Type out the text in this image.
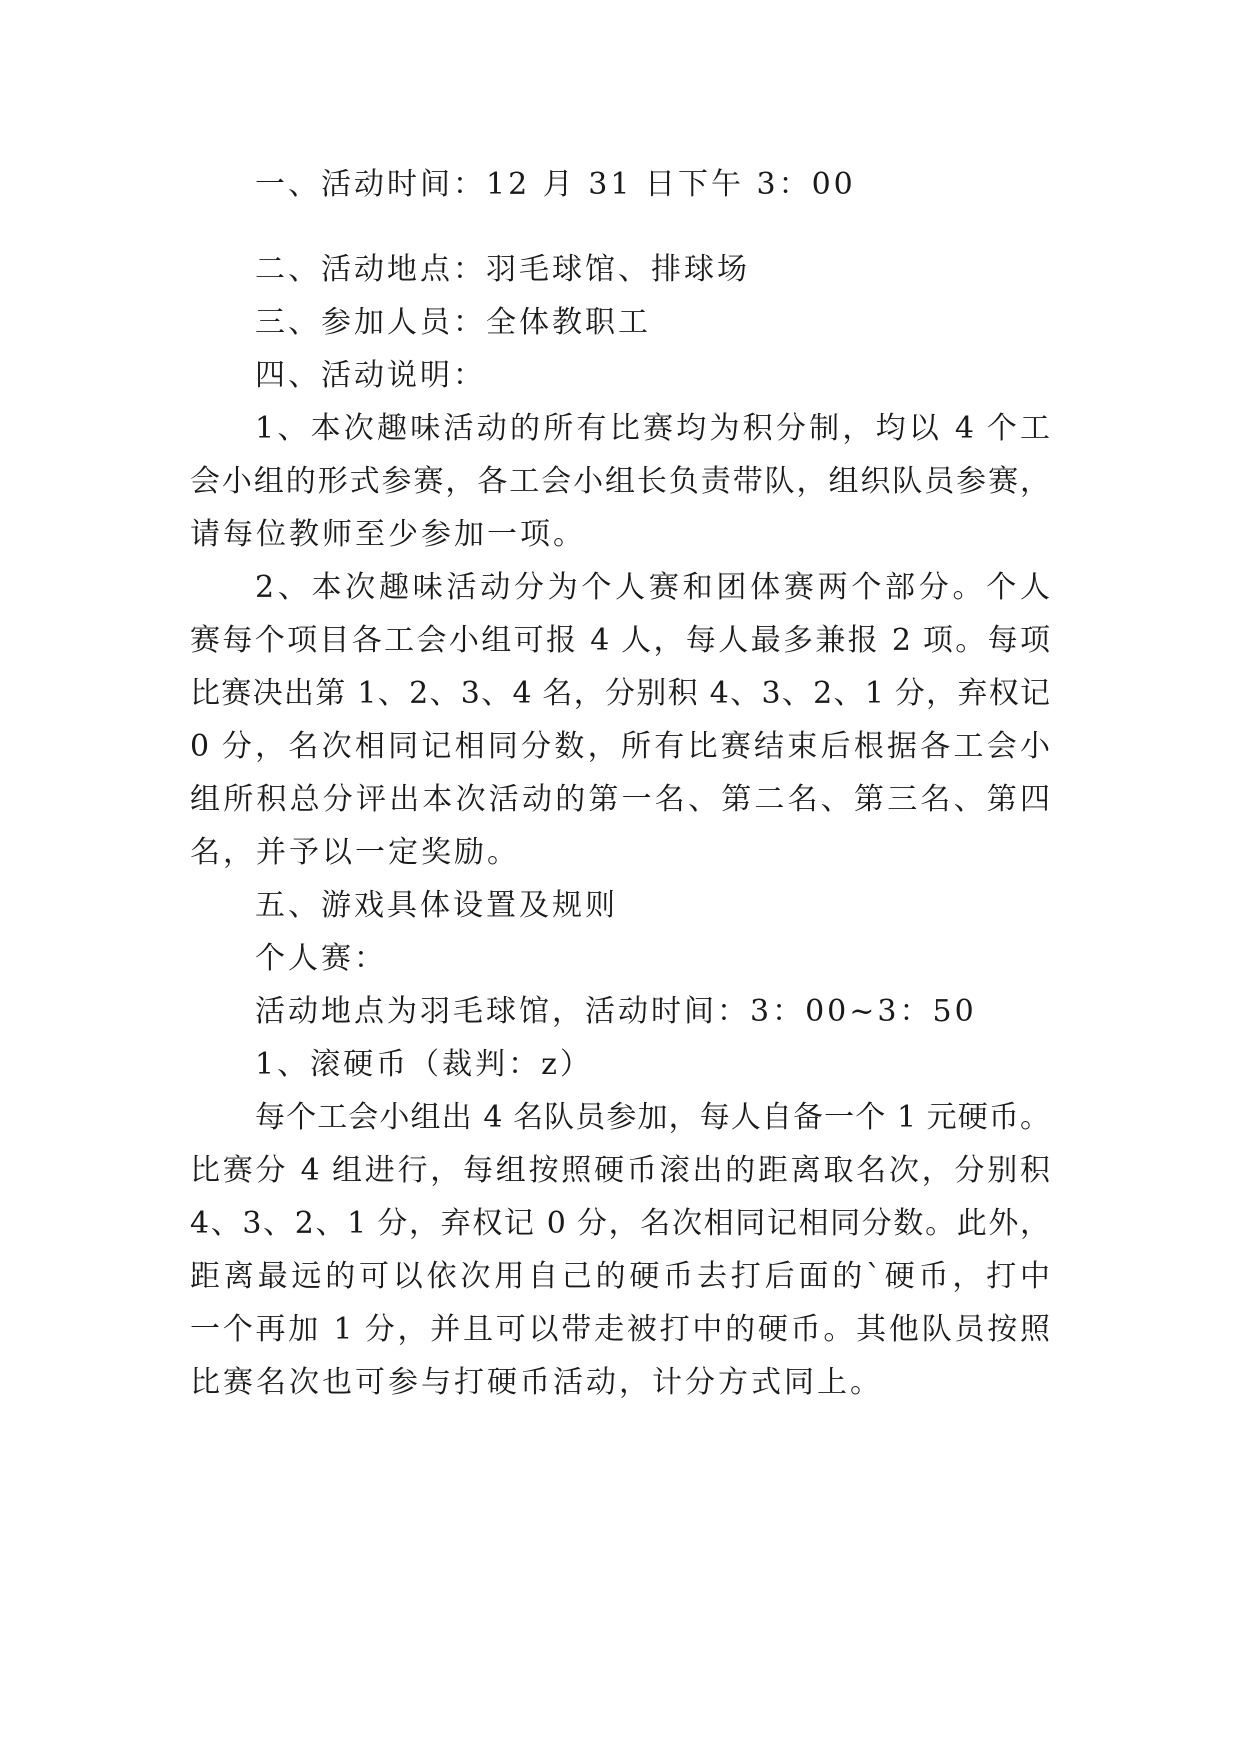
一、活动时间：12 月 31 日下午 3：00
二、活动地点：羽毛球馆、排球场
三、参加人员：全体教职工
四、活动说明：
1、本次趣味活动的所有比赛均为积分制，均以 4 个工
会小组的形式参赛，各工会小组长负责带队，组织队员参赛，
请每位教师至少参加一项。
2、本次趣味活动分为个人赛和团体赛两个部分。个人
赛每个项目各工会小组可报 4 人，每人最多兼报 2 项。每项
比赛决出第 1、2、3、4 名，分别积 4、3、2、1 分，弃权记
0 分，名次相同记相同分数，所有比赛结束后根据各工会小
组所积总分评出本次活动的第一名、第二名、第三名、第四
名，并予以一定奖励。
五、游戏具体设置及规则
个人赛：
活动地点为羽毛球馆，活动时间：3：00~3：50
1、滚硬币（裁判：z）
每个工会小组出 4 名队员参加，每人自备一个 1 元硬币。
比赛分 4 组进行，每组按照硬币滚出的距离取名次，分别积
4、3、2、1 分，弃权记 0 分，名次相同记相同分数。此外，
距离最远的可以依次用自己的硬币去打后面的`硬币，打中
一个再加 1 分，并且可以带走被打中的硬币。其他队员按照
比赛名次也可参与打硬币活动，计分方式同上。
